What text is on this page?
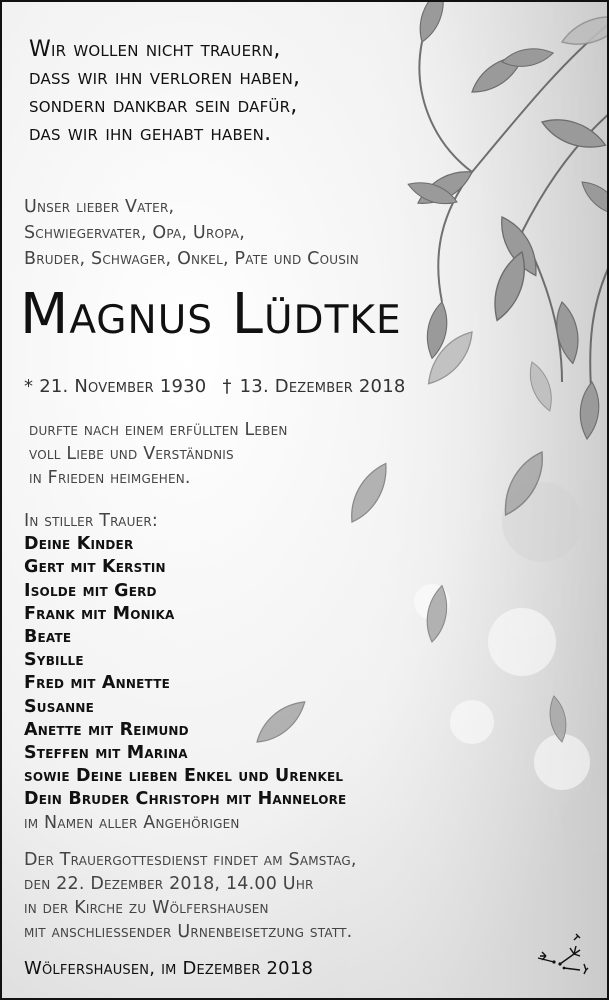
Wir wollen nicht trauern,
dass wir ihn verloren haben,
sondern dankbar sein dafür,
das wir ihn gehabt haben.
Unser lieber Vater,
Schwiegervater, Opa, Uropa,
Bruder, Schwager, Onkel, Pate und Cousin
Magnus Lüdtke
* 21. November 1930 † 13. Dezember 2018
durfte nach einem erfüllten Leben
voll Liebe und Verständnis
in Frieden heimgehen.
In stiller Trauer:
Deine Kinder
Gert mit Kerstin
Isolde mit Gerd
Frank mit Monika
Beate
Sybille
Fred mit Annette
Susanne
Anette mit Reimund
Steffen mit Marina
sowie Deine lieben Enkel und Urenkel
Dein Bruder Christoph mit Hannelore
im Namen aller Angehörigen
Der Trauergottesdienst findet am Samstag,
den 22. Dezember 2018, 14.00 Uhr
in der Kirche zu Wölfershausen
mit anschliessender Urnenbeisetzung statt.
Wölfershausen, im Dezember 2018
